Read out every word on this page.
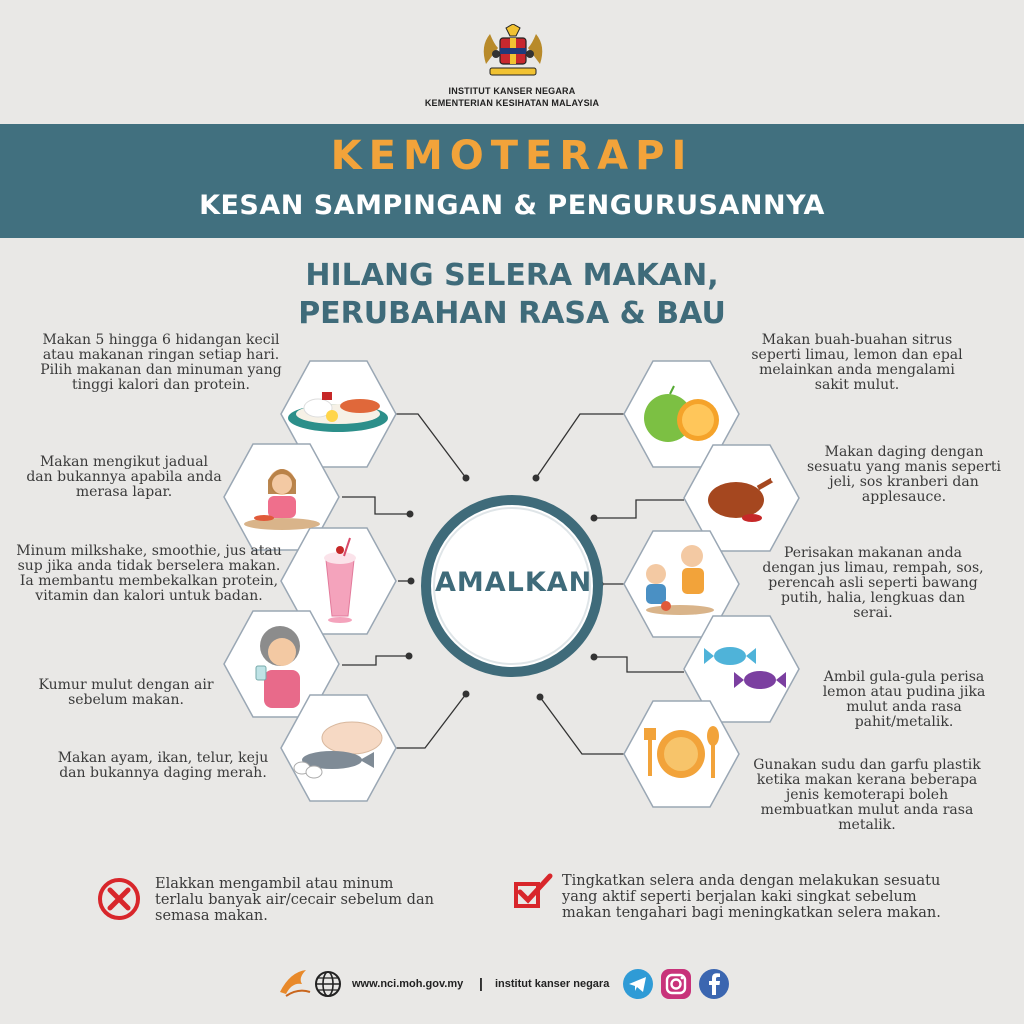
INSTITUT KANSER NEGARA
KEMENTERIAN KESIHATAN MALAYSIA
KEMOTERAPI
KESAN SAMPINGAN & PENGURUSANNYA
HILANG SELERA MAKAN,
PERUBAHAN RASA & BAU
AMALKAN
Makan 5 hingga 6 hidangan kecil atau makanan ringan setiap hari. Pilih makanan dan minuman yang tinggi kalori dan protein.
Makan mengikut jadual dan bukannya apabila anda merasa lapar.
Minum milkshake, smoothie, jus atau sup jika anda tidak berselera makan. Ia membantu membekalkan protein, vitamin dan kalori untuk badan.
Kumur mulut dengan air sebelum makan.
Makan ayam, ikan, telur, keju dan bukannya daging merah.
Makan buah-buahan sitrus seperti limau, lemon dan epal melainkan anda mengalami sakit mulut.
Makan daging dengan sesuatu yang manis seperti jeli, sos kranberi dan applesauce.
Perisakan makanan anda dengan jus limau, rempah, sos, perencah asli seperti bawang putih, halia, lengkuas dan serai.
Ambil gula-gula perisa lemon atau pudina jika mulut anda rasa pahit/metalik.
Gunakan sudu dan garfu plastik ketika makan kerana beberapa jenis kemoterapi boleh membuatkan mulut anda rasa metalik.
Elakkan mengambil atau minum terlalu banyak air/cecair sebelum dan semasa makan.
Tingkatkan selera anda dengan melakukan sesuatu yang aktif seperti berjalan kaki singkat sebelum makan tengahari bagi meningkatkan selera makan.
www.nci.moh.gov.my | institut kanser negara
